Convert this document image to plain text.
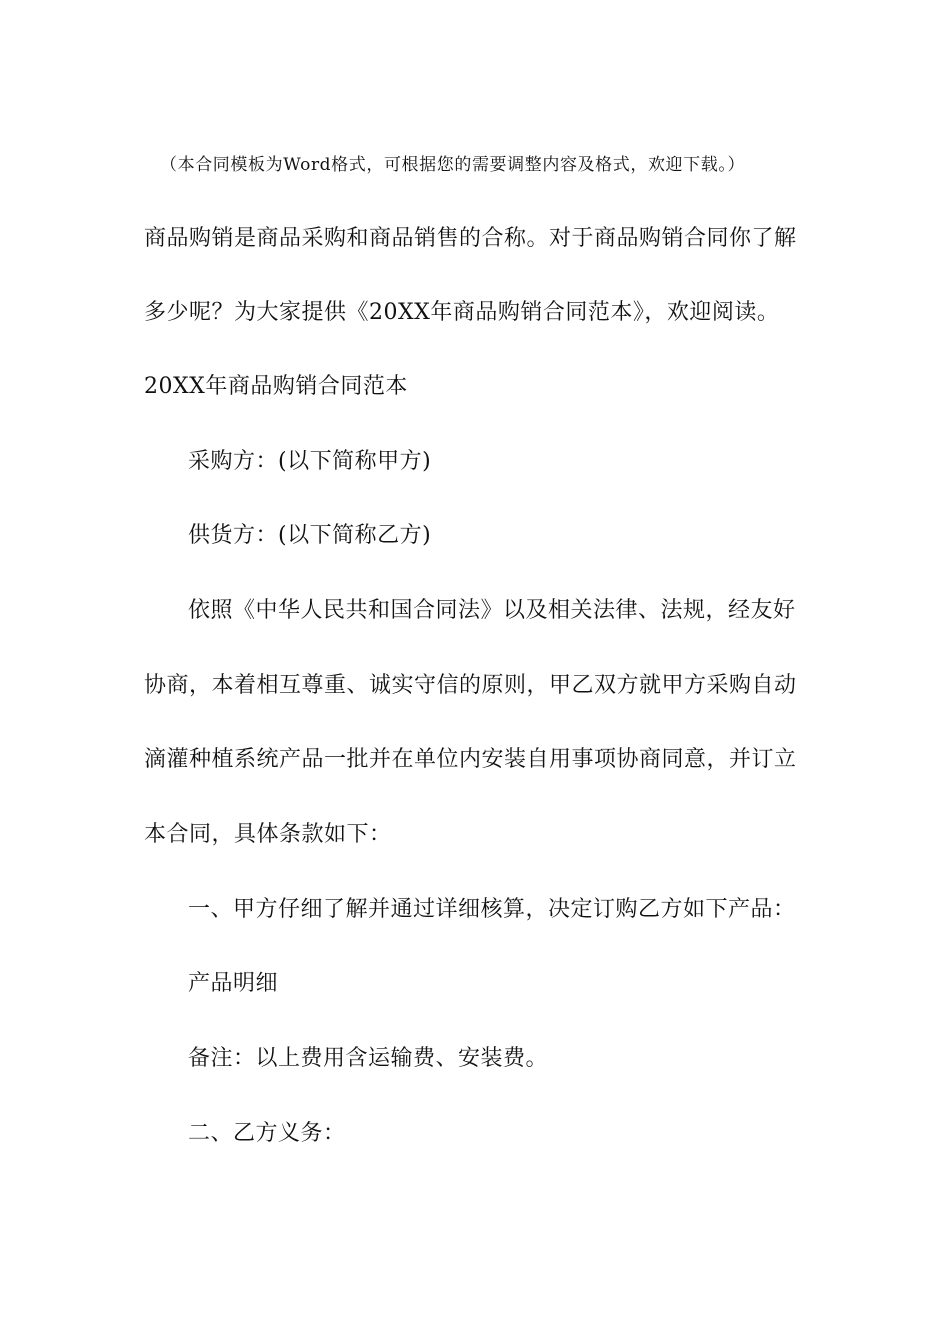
（本合同模板为Word格式，可根据您的需要调整内容及格式，欢迎下载。）
商品购销是商品采购和商品销售的合称。对于商品购销合同你了解
多少呢？为大家提供《20XX年商品购销合同范本》，欢迎阅读。
20XX年商品购销合同范本
采购方：(以下简称甲方)
供货方：(以下简称乙方)
依照《中华人民共和国合同法》以及相关法律、法规，经友好
协商，本着相互尊重、诚实守信的原则，甲乙双方就甲方采购自动
滴灌种植系统产品一批并在单位内安装自用事项协商同意，并订立
本合同，具体条款如下：
一、甲方仔细了解并通过详细核算，决定订购乙方如下产品：
产品明细
备注：以上费用含运输费、安装费。
二、乙方义务：
